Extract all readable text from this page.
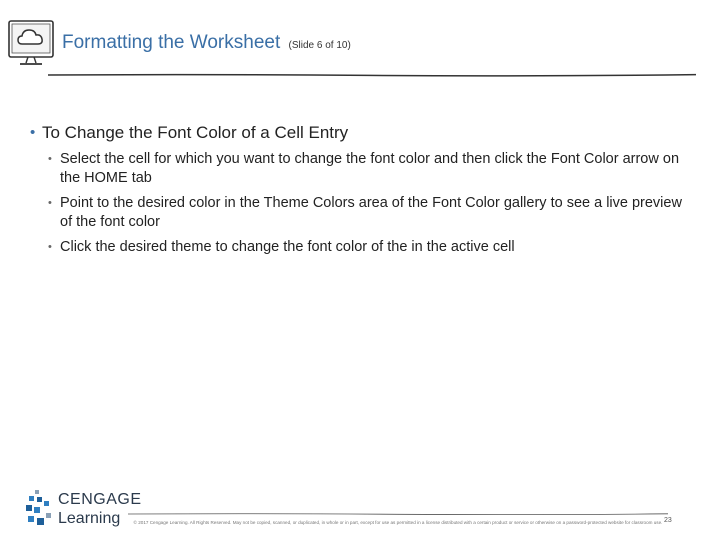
Formatting the Worksheet (Slide 6 of 10)
• To Change the Font Color of a Cell Entry
• Select the cell for which you want to change the font color and then click the Font Color arrow on the HOME tab
• Point to the desired color in the Theme Colors area of the Font Color gallery to see a live preview of the font color
• Click the desired theme to change the font color of the in the active cell
CENGAGE
Learning	© 2017 Cengage Learning. All Rights Reserved. May not be copied, scanned, or duplicated, in whole or in part, except for use as permitted in a license distributed with a certain product or service or otherwise on a password-protected website for classroom use. 23
